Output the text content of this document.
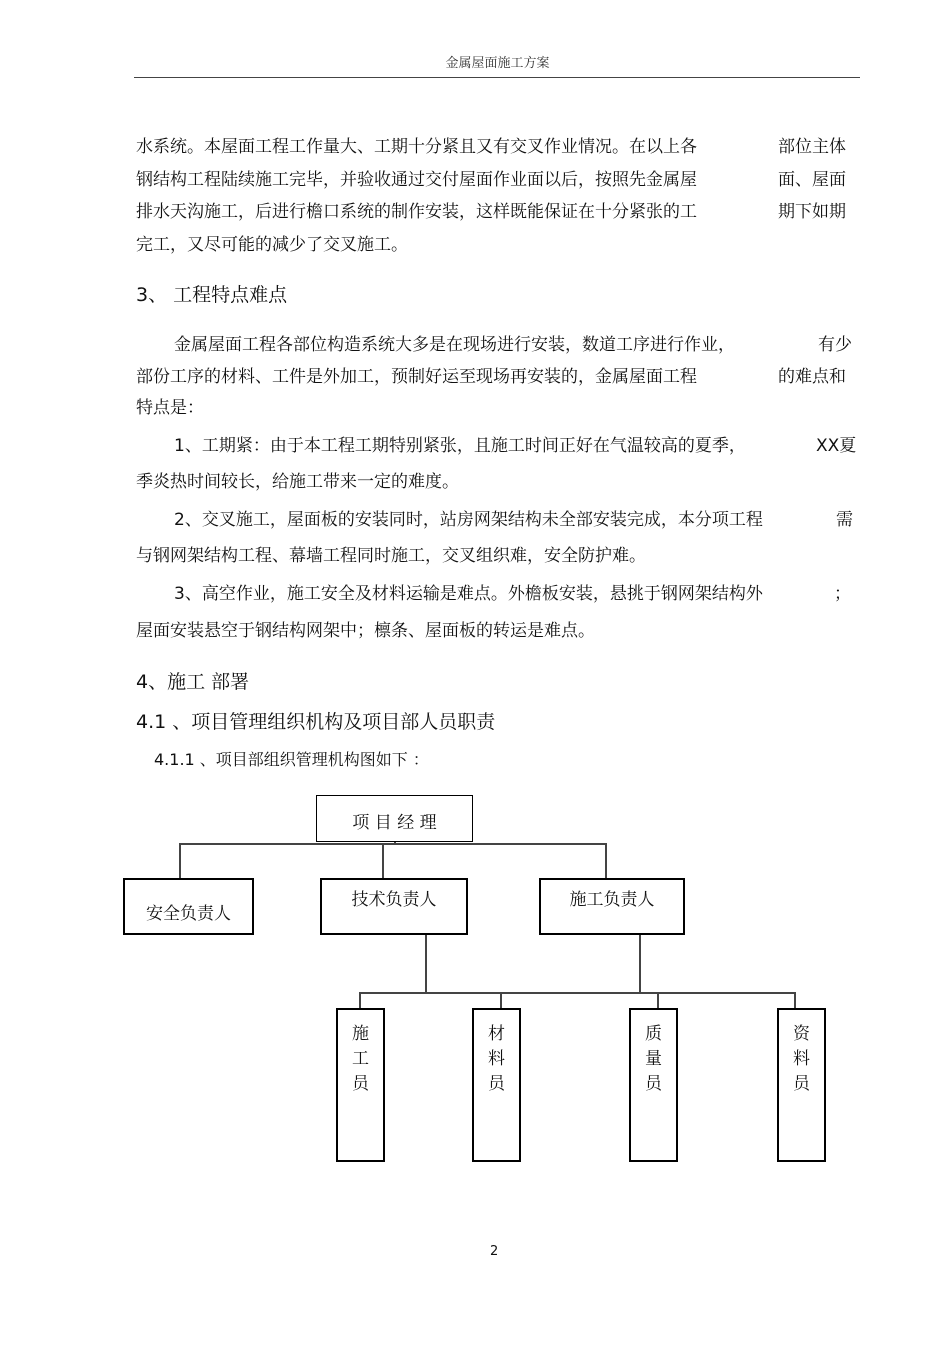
金属屋面施工方案
水系统。本屋面工程工作量大、工期十分紧且又有交叉作业情况。在以上各	部位主体
钢结构工程陆续施工完毕，并验收通过交付屋面作业面以后，按照先金属屋	面、屋面
排水天沟施工，后进行檐口系统的制作安装，这样既能保证在十分紧张的工	期下如期
完工，又尽可能的减少了交叉施工。
3、 工程特点难点
金属屋面工程各部位构造系统大多是在现场进行安装，数道工序进行作业，	有少
部份工序的材料、工件是外加工，预制好运至现场再安装的，金属屋面工程	的难点和
特点是：
1、工期紧：由于本工程工期特别紧张，且施工时间正好在气温较高的夏季，	XX夏
季炎热时间较长，给施工带来一定的难度。
2、交叉施工，屋面板的安装同时，站房网架结构未全部安装完成，本分项工程	需
与钢网架结构工程、幕墙工程同时施工，交叉组织难，安全防护难。
3、高空作业，施工安全及材料运输是难点。外檐板安装，悬挑于钢网架结构外	；
屋面安装悬空于钢结构网架中；檩条、屋面板的转运是难点。
4、施工 部署
4.1 、项目管理组织机构及项目部人员职责
4.1.1 、项目部组织管理机构图如下 ：
项 目 经 理
安全负责人
技术负责人	施工负责人
施
工
员
材
料
员
质
量
员
资
料
员
2
